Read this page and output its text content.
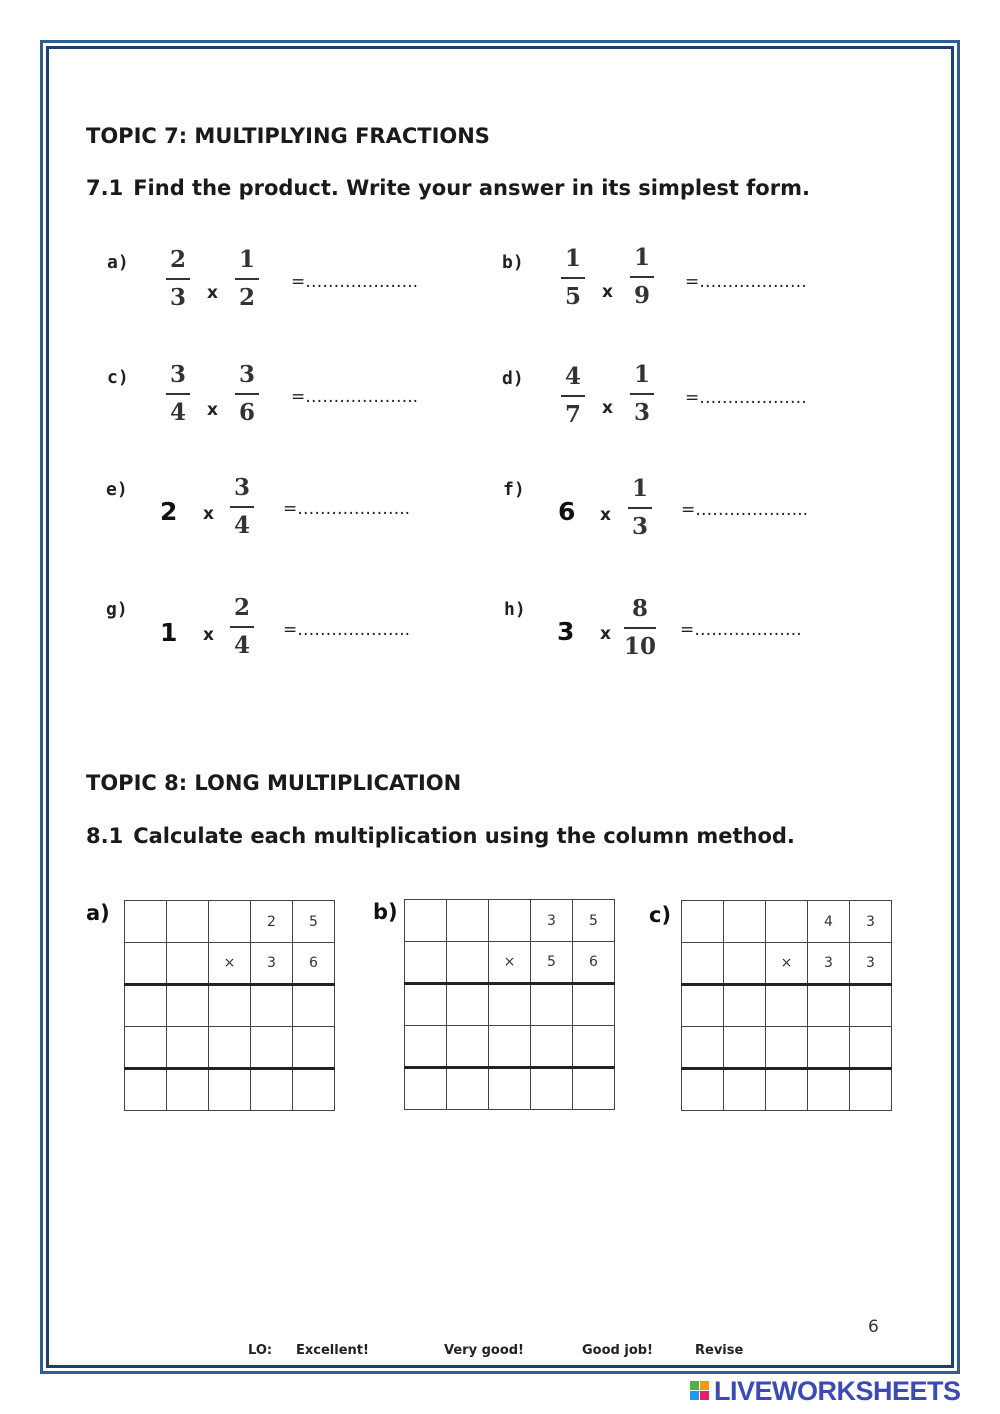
TOPIC 7: MULTIPLYING FRACTIONS
7.1 Find the product. Write your answer in its simplest form.
a) 2
3 x
1
2
=………………..
b) 1
5 x
1
9 =……………….
c) 3
4 x
3
6
=………………..
d) 4
7 x
1
3
=……………….
e)
2 x
3
4
=………………..
f)
6 x
1
3
=………………..
g)
1 x
2
4
=………………..
h)
3 x
8
10
=……………….
TOPIC 8: LONG MULTIPLICATION
8.1 Calculate each multiplication using the column method.
a)
				2	5
		×	3	6

b)
				3	5
		×	5	6

c)
				4	3
		×	3	3

6
LO:	Excellent!	Very good!	Good job!	Revise
LIVEWORKSHEETS
